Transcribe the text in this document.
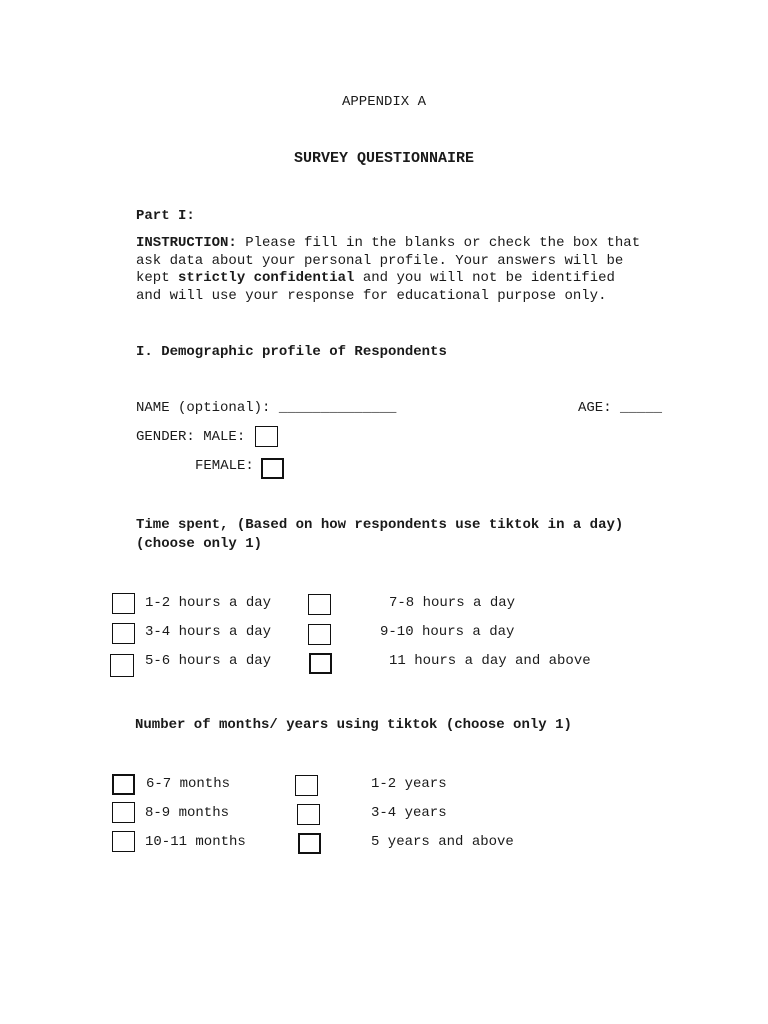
APPENDIX A
SURVEY QUESTIONNAIRE
Part I:
INSTRUCTION: Please fill in the blanks or check the box that
ask data about your personal profile. Your answers will be
kept strictly confidential and you will not be identified
and will use your response for educational purpose only.
I. Demographic profile of Respondents
NAME (optional): ______________	AGE: _____
GENDER: MALE:
FEMALE:
Time spent, (Based on how respondents use tiktok in a day)
(choose only 1)
1-2 hours a day	7-8 hours a day
3-4 hours a day	9-10 hours a day
5-6 hours a day	11 hours a day and above
Number of months/ years using tiktok (choose only 1)
6-7 months	1-2 years
8-9 months	3-4 years
10-11 months	5 years and above
